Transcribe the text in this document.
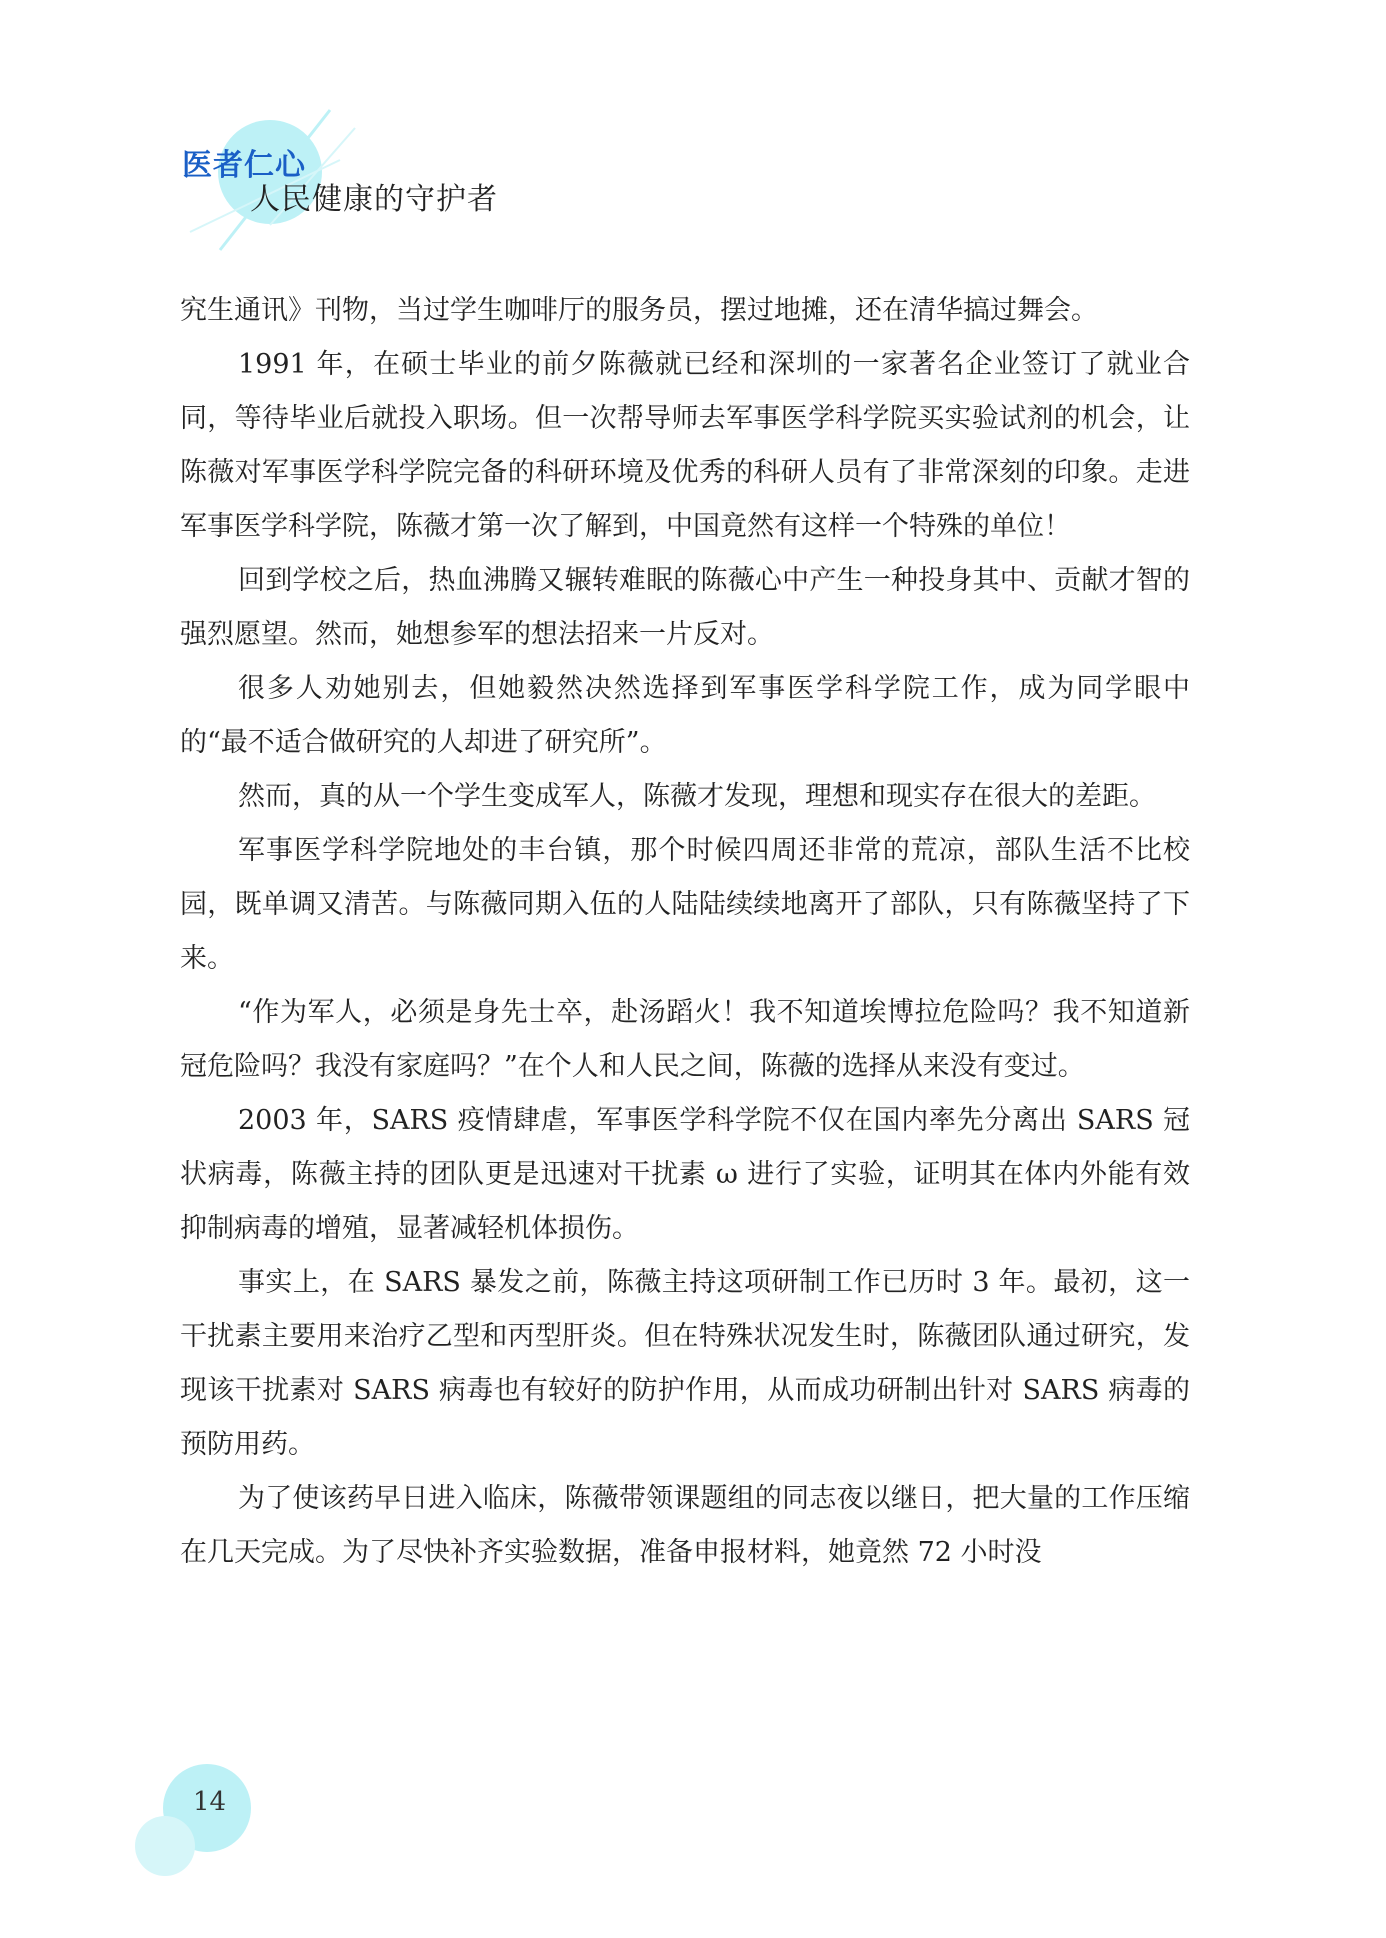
医者仁心
人民健康的守护者

究生通讯》刊物，当过学生咖啡厅的服务员，摆过地摊，还在清华搞过舞会。

1991 年，在硕士毕业的前夕陈薇就已经和深圳的一家著名企业签订了就业合同，等待毕业后就投入职场。但一次帮导师去军事医学科学院买实验试剂的机会，让陈薇对军事医学科学院完备的科研环境及优秀的科研人员有了非常深刻的印象。走进军事医学科学院，陈薇才第一次了解到，中国竟然有这样一个特殊的单位！

回到学校之后，热血沸腾又辗转难眠的陈薇心中产生一种投身其中、贡献才智的强烈愿望。然而，她想参军的想法招来一片反对。

很多人劝她别去，但她毅然决然选择到军事医学科学院工作，成为同学眼中的“最不适合做研究的人却进了研究所”。

然而，真的从一个学生变成军人，陈薇才发现，理想和现实存在很大的差距。

军事医学科学院地处的丰台镇，那个时候四周还非常的荒凉，部队生活不比校园，既单调又清苦。与陈薇同期入伍的人陆陆续续地离开了部队，只有陈薇坚持了下来。

“作为军人，必须是身先士卒，赴汤蹈火！我不知道埃博拉危险吗？我不知道新冠危险吗？我没有家庭吗？”在个人和人民之间，陈薇的选择从来没有变过。

2003 年，SARS 疫情肆虐，军事医学科学院不仅在国内率先分离出 SARS 冠状病毒，陈薇主持的团队更是迅速对干扰素 ω 进行了实验，证明其在体内外能有效抑制病毒的增殖，显著减轻机体损伤。

事实上，在 SARS 暴发之前，陈薇主持这项研制工作已历时 3 年。最初，这一干扰素主要用来治疗乙型和丙型肝炎。但在特殊状况发生时，陈薇团队通过研究，发现该干扰素对 SARS 病毒也有较好的防护作用，从而成功研制出针对 SARS 病毒的预防用药。

为了使该药早日进入临床，陈薇带领课题组的同志夜以继日，把大量的工作压缩在几天完成。为了尽快补齐实验数据，准备申报材料，她竟然 72 小时没

14
